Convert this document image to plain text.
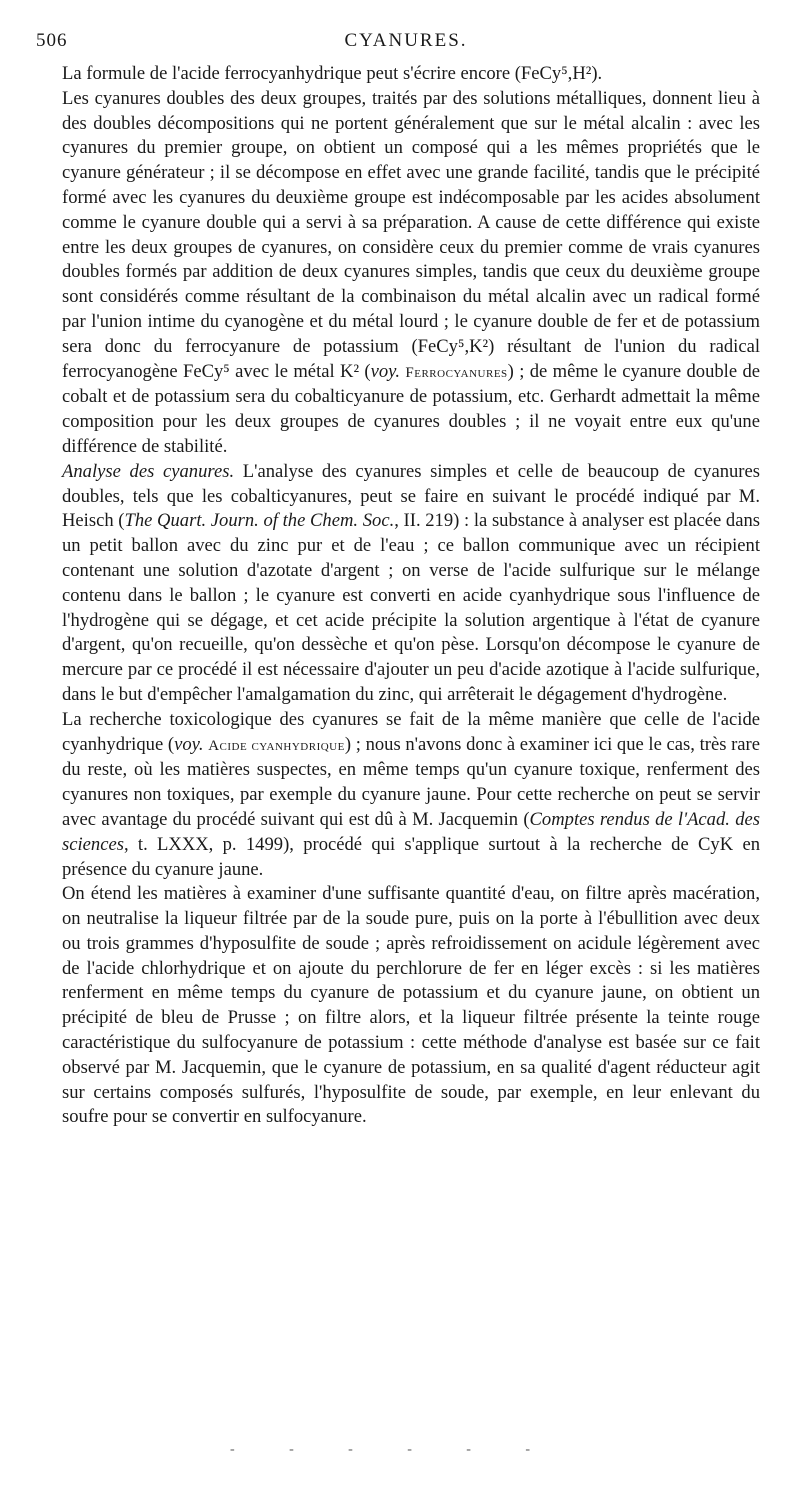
506	CYANURES.

La formule de l'acide ferrocyanhydrique peut s'écrire encore (FeCy⁵,H²).

Les cyanures doubles des deux groupes, traités par des solutions métalliques, donnent lieu à des doubles décompositions qui ne portent généralement que sur le métal alcalin : avec les cyanures du premier groupe, on obtient un composé qui a les mêmes propriétés que le cyanure générateur ; il se décompose en effet avec une grande facilité, tandis que le précipité formé avec les cyanures du deuxième groupe est indécomposable par les acides absolument comme le cyanure double qui a servi à sa préparation. A cause de cette différence qui existe entre les deux groupes de cyanures, on considère ceux du premier comme de vrais cyanures doubles formés par addition de deux cyanures simples, tandis que ceux du deuxième groupe sont considérés comme résultant de la combinaison du métal alcalin avec un radical formé par l'union intime du cyanogène et du métal lourd ; le cyanure double de fer et de potassium sera donc du ferrocyanure de potassium (FeCy⁵,K²) résultant de l'union du radical ferrocyanogène FeCy⁵ avec le métal K² (voy. Ferrocyanures) ; de même le cyanure double de cobalt et de potassium sera du cobalticyanure de potassium, etc. Gerhardt admettait la même composition pour les deux groupes de cyanures doubles ; il ne voyait entre eux qu'une différence de stabilité.

Analyse des cyanures. L'analyse des cyanures simples et celle de beaucoup de cyanures doubles, tels que les cobalticyanures, peut se faire en suivant le procédé indiqué par M. Heisch (The Quart. Journ. of the Chem. Soc., II. 219) : la substance à analyser est placée dans un petit ballon avec du zinc pur et de l'eau ; ce ballon communique avec un récipient contenant une solution d'azotate d'argent ; on verse de l'acide sulfurique sur le mélange contenu dans le ballon ; le cyanure est converti en acide cyanhydrique sous l'influence de l'hydrogène qui se dégage, et cet acide précipite la solution argentique à l'état de cyanure d'argent, qu'on recueille, qu'on dessèche et qu'on pèse. Lorsqu'on décompose le cyanure de mercure par ce procédé il est nécessaire d'ajouter un peu d'acide azotique à l'acide sulfurique, dans le but d'empêcher l'amalgamation du zinc, qui arrêterait le dégagement d'hydrogène.

La recherche toxicologique des cyanures se fait de la même manière que celle de l'acide cyanhydrique (voy. Acide cyanhydrique) ; nous n'avons donc à examiner ici que le cas, très rare du reste, où les matières suspectes, en même temps qu'un cyanure toxique, renferment des cyanures non toxiques, par exemple du cyanure jaune. Pour cette recherche on peut se servir avec avantage du procédé suivant qui est dû à M. Jacquemin (Comptes rendus de l'Acad. des sciences, t. LXXX, p. 1499), procédé qui s'applique surtout à la recherche de CyK en présence du cyanure jaune.

On étend les matières à examiner d'une suffisante quantité d'eau, on filtre après macération, on neutralise la liqueur filtrée par de la soude pure, puis on la porte à l'ébullition avec deux ou trois grammes d'hyposulfite de soude ; après refroidissement on acidule légèrement avec de l'acide chlorhydrique et on ajoute du perchlorure de fer en léger excès : si les matières renferment en même temps du cyanure de potassium et du cyanure jaune, on obtient un précipité de bleu de Prusse ; on filtre alors, et la liqueur filtrée présente la teinte rouge caractéristique du sulfocyanure de potassium : cette méthode d'analyse est basée sur ce fait observé par M. Jacquemin, que le cyanure de potassium, en sa qualité d'agent réducteur agit sur certains composés sulfurés, l'hyposulfite de soude, par exemple, en leur enlevant du soufre pour se convertir en sulfocyanure.

-	-	-	-	-	-
